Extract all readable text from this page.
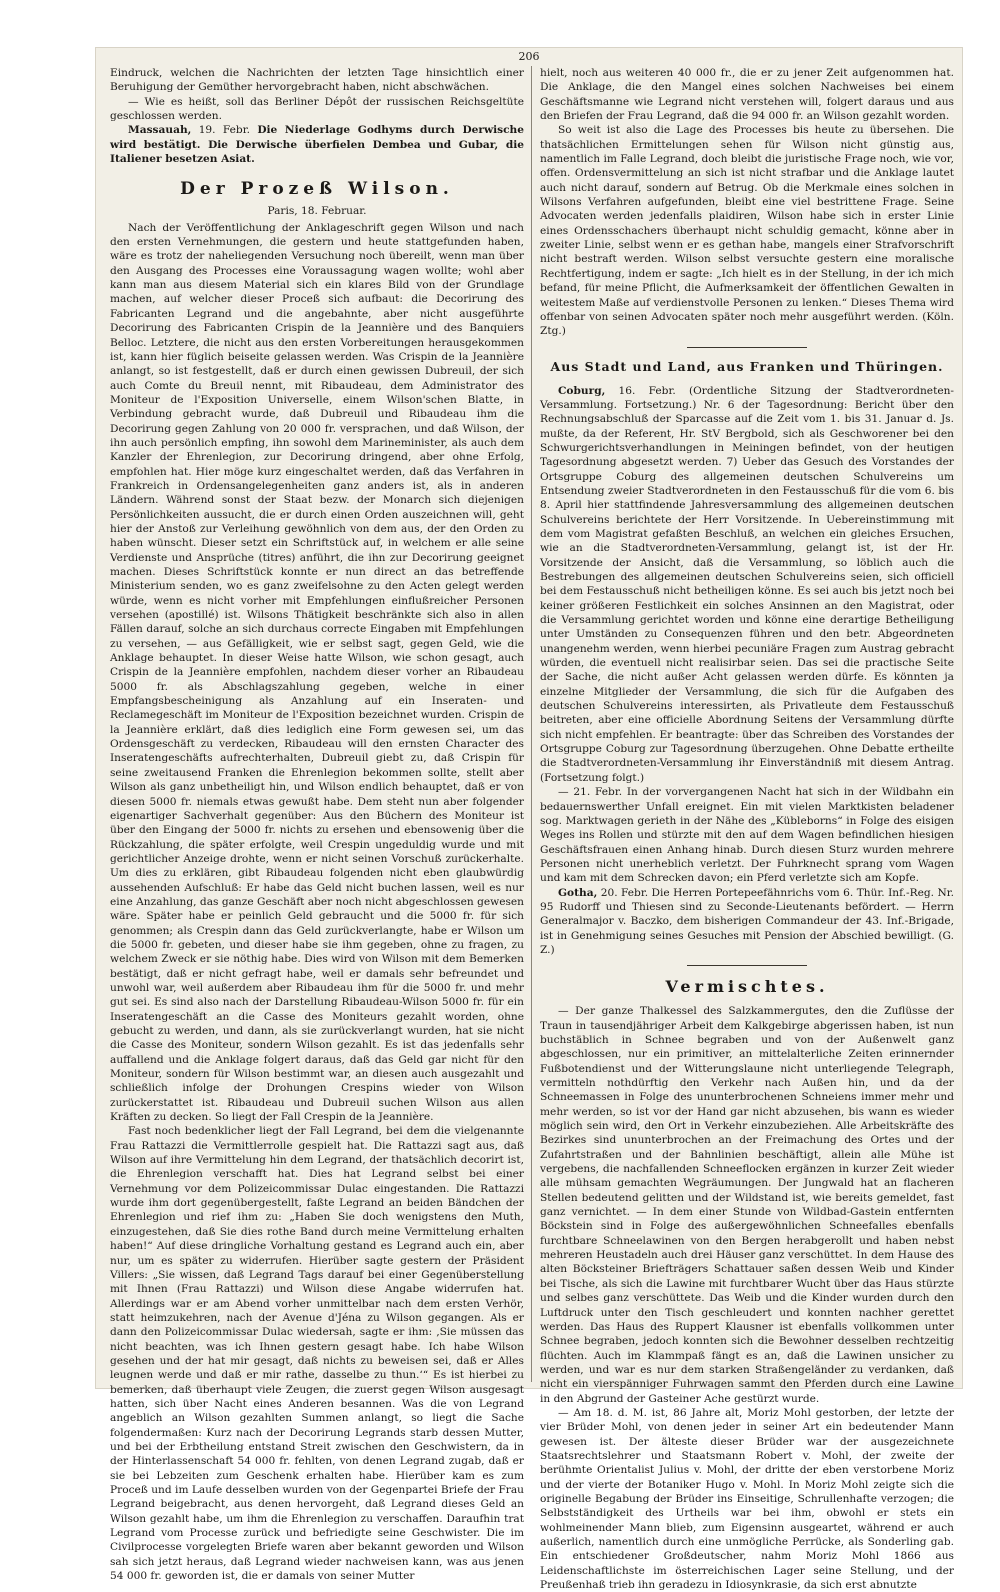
206

Eindruck, welchen die Nachrichten der letzten Tage hinsichtlich einer Beruhigung der Gemüther hervorgebracht haben, nicht abschwächen.

— Wie es heißt, soll das Berliner Dépôt der russischen Reichsgeltüte geschlossen werden.

Massauah, 19. Febr. Die Niederlage Godhyms durch Derwische wird bestätigt. Die Derwische überfielen Dembea und Gubar, die Italiener besetzen Asiat.

Der Prozeß Wilson.
Paris, 18. Februar.

Nach der Veröffentlichung der Anklageschrift gegen Wilson und nach den ersten Vernehmungen, die gestern und heute stattgefunden haben, wäre es trotz der naheliegenden Versuchung noch übereilt, wenn man über den Ausgang des Processes eine Voraussagung wagen wollte; wohl aber kann man aus diesem Material sich ein klares Bild von der Grundlage machen, auf welcher dieser Proceß sich aufbaut: die Decorirung des Fabricanten Legrand und die angebahnte, aber nicht ausgeführte Decorirung des Fabricanten Crispin de la Jeannière und des Banquiers Belloc. Letztere, die nicht aus den ersten Vorbereitungen herausgekommen ist, kann hier füglich beiseite gelassen werden. Was Crispin de la Jeannière anlangt, so ist festgestellt, daß er durch einen gewissen Dubreuil, der sich auch Comte du Breuil nennt, mit Ribaudeau, dem Administrator des Moniteur de l'Exposition Universelle, einem Wilson'schen Blatte, in Verbindung gebracht wurde, daß Dubreuil und Ribaudeau ihm die Decorirung gegen Zahlung von 20 000 fr. versprachen, und daß Wilson, der ihn auch persönlich empfing, ihn sowohl dem Marineminister, als auch dem Kanzler der Ehrenlegion, zur Decorirung dringend, aber ohne Erfolg, empfohlen hat. Hier möge kurz eingeschaltet werden, daß das Verfahren in Frankreich in Ordensangelegenheiten ganz anders ist, als in anderen Ländern. Während sonst der Staat bezw. der Monarch sich diejenigen Persönlichkeiten aussucht, die er durch einen Orden auszeichnen will, geht hier der Anstoß zur Verleihung gewöhnlich von dem aus, der den Orden zu haben wünscht. Dieser setzt ein Schriftstück auf, in welchem er alle seine Verdienste und Ansprüche (titres) anführt, die ihn zur Decorirung geeignet machen. Dieses Schriftstück konnte er nun direct an das betreffende Ministerium senden, wo es ganz zweifelsohne zu den Acten gelegt werden würde, wenn es nicht vorher mit Empfehlungen einflußreicher Personen versehen (apostillé) ist. Wilsons Thätigkeit beschränkte sich also in allen Fällen darauf, solche an sich durchaus correcte Eingaben mit Empfehlungen zu versehen, — aus Gefälligkeit, wie er selbst sagt, gegen Geld, wie die Anklage behauptet. In dieser Weise hatte Wilson, wie schon gesagt, auch Crispin de la Jeannière empfohlen, nachdem dieser vorher an Ribaudeau 5000 fr. als Abschlagszahlung gegeben, welche in einer Empfangsbescheinigung als Anzahlung auf ein Inseraten- und Reclamegeschäft im Moniteur de l'Exposition bezeichnet wurden. Crispin de la Jeannière erklärt, daß dies lediglich eine Form gewesen sei, um das Ordensgeschäft zu verdecken, Ribaudeau will den ernsten Character des Inseratengeschäfts aufrechterhalten, Dubreuil giebt zu, daß Crispin für seine zweitausend Franken die Ehrenlegion bekommen sollte, stellt aber Wilson als ganz unbetheiligt hin, und Wilson endlich behauptet, daß er von diesen 5000 fr. niemals etwas gewußt habe. Dem steht nun aber folgender eigenartiger Sachverhalt gegenüber: Aus den Büchern des Moniteur ist über den Eingang der 5000 fr. nichts zu ersehen und ebensowenig über die Rückzahlung, die später erfolgte, weil Crespin ungeduldig wurde und mit gerichtlicher Anzeige drohte, wenn er nicht seinen Vorschuß zurückerhalte. Um dies zu erklären, gibt Ribaudeau folgenden nicht eben glaubwürdig aussehenden Aufschluß: Er habe das Geld nicht buchen lassen, weil es nur eine Anzahlung, das ganze Geschäft aber noch nicht abgeschlossen gewesen wäre. Später habe er peinlich Geld gebraucht und die 5000 fr. für sich genommen; als Crespin dann das Geld zurückverlangte, habe er Wilson um die 5000 fr. gebeten, und dieser habe sie ihm gegeben, ohne zu fragen, zu welchem Zweck er sie nöthig habe. Dies wird von Wilson mit dem Bemerken bestätigt, daß er nicht gefragt habe, weil er damals sehr befreundet und unwohl war, weil außerdem aber Ribaudeau ihm für die 5000 fr. und mehr gut sei. Es sind also nach der Darstellung Ribaudeau-Wilson 5000 fr. für ein Inseratengeschäft an die Casse des Moniteurs gezahlt worden, ohne gebucht zu werden, und dann, als sie zurückverlangt wurden, hat sie nicht die Casse des Moniteur, sondern Wilson gezahlt. Es ist das jedenfalls sehr auffallend und die Anklage folgert daraus, daß das Geld gar nicht für den Moniteur, sondern für Wilson bestimmt war, an diesen auch ausgezahlt und schließlich infolge der Drohungen Crespins wieder von Wilson zurückerstattet ist. Ribaudeau und Dubreuil suchen Wilson aus allen Kräften zu decken. So liegt der Fall Crespin de la Jeannière.

Fast noch bedenklicher liegt der Fall Legrand, bei dem die vielgenannte Frau Rattazzi die Vermittlerrolle gespielt hat. Die Rattazzi sagt aus, daß Wilson auf ihre Vermittelung hin dem Legrand, der thatsächlich decorirt ist, die Ehrenlegion verschafft hat. Dies hat Legrand selbst bei einer Vernehmung vor dem Polizeicommissar Dulac eingestanden. Die Rattazzi wurde ihm dort gegenübergestellt, faßte Legrand an beiden Bändchen der Ehrenlegion und rief ihm zu: „Haben Sie doch wenigstens den Muth, einzugestehen, daß Sie dies rothe Band durch meine Vermittelung erhalten haben!“ Auf diese dringliche Vorhaltung gestand es Legrand auch ein, aber nur, um es später zu widerrufen. Hierüber sagte gestern der Präsident Villers: „Sie wissen, daß Legrand Tags darauf bei einer Gegenüberstellung mit Ihnen (Frau Rattazzi) und Wilson diese Angabe widerrufen hat. Allerdings war er am Abend vorher unmittelbar nach dem ersten Verhör, statt heimzukehren, nach der Avenue d'Jéna zu Wilson gegangen. Als er dann den Polizeicommissar Dulac wiedersah, sagte er ihm: ‚Sie müssen das nicht beachten, was ich Ihnen gestern gesagt habe. Ich habe Wilson gesehen und der hat mir gesagt, daß nichts zu beweisen sei, daß er Alles leugnen werde und daß er mir rathe, dasselbe zu thun.‘“ Es ist hierbei zu bemerken, daß überhaupt viele Zeugen, die zuerst gegen Wilson ausgesagt hatten, sich über Nacht eines Anderen besannen. Was die von Legrand angeblich an Wilson gezahlten Summen anlangt, so liegt die Sache folgendermaßen: Kurz nach der Decorirung Legrands starb dessen Mutter, und bei der Erbtheilung entstand Streit zwischen den Geschwistern, da in der Hinterlassenschaft 54 000 fr. fehlten, von denen Legrand zugab, daß er sie bei Lebzeiten zum Geschenk erhalten habe. Hierüber kam es zum Proceß und im Laufe desselben wurden von der Gegenpartei Briefe der Frau Legrand beigebracht, aus denen hervorgeht, daß Legrand dieses Geld an Wilson gezahlt habe, um ihm die Ehrenlegion zu verschaffen. Daraufhin trat Legrand vom Processe zurück und befriedigte seine Geschwister. Die im Civilprocesse vorgelegten Briefe waren aber bekannt geworden und Wilson sah sich jetzt heraus, daß Legrand wieder nachweisen kann, was aus jenen 54 000 fr. geworden ist, die er damals von seiner Mutter

hielt, noch aus weiteren 40 000 fr., die er zu jener Zeit aufgenommen hat. Die Anklage, die den Mangel eines solchen Nachweises bei einem Geschäftsmanne wie Legrand nicht verstehen will, folgert daraus und aus den Briefen der Frau Legrand, daß die 94 000 fr. an Wilson gezahlt worden.

So weit ist also die Lage des Processes bis heute zu übersehen. Die thatsächlichen Ermittelungen sehen für Wilson nicht günstig aus, namentlich im Falle Legrand, doch bleibt die juristische Frage noch, wie vor, offen. Ordensvermittelung an sich ist nicht strafbar und die Anklage lautet auch nicht darauf, sondern auf Betrug. Ob die Merkmale eines solchen in Wilsons Verfahren aufgefunden, bleibt eine viel bestrittene Frage. Seine Advocaten werden jedenfalls plaidiren, Wilson habe sich in erster Linie eines Ordensschachers überhaupt nicht schuldig gemacht, könne aber in zweiter Linie, selbst wenn er es gethan habe, mangels einer Strafvorschrift nicht bestraft werden. Wilson selbst versuchte gestern eine moralische Rechtfertigung, indem er sagte: „Ich hielt es in der Stellung, in der ich mich befand, für meine Pflicht, die Aufmerksamkeit der öffentlichen Gewalten in weitestem Maße auf verdienstvolle Personen zu lenken.“ Dieses Thema wird offenbar von seinen Advocaten später noch mehr ausgeführt werden. (Köln. Ztg.)

Aus Stadt und Land, aus Franken und Thüringen.

Coburg, 16. Febr. (Ordentliche Sitzung der Stadtverordneten-Versammlung. Fortsetzung.) Nr. 6 der Tagesordnung: Bericht über den Rechnungsabschluß der Sparcasse auf die Zeit vom 1. bis 31. Januar d. Js. mußte, da der Referent, Hr. StV Bergbold, sich als Geschworener bei den Schwurgerichtsverhandlungen in Meiningen befindet, von der heutigen Tagesordnung abgesetzt werden. 7) Ueber das Gesuch des Vorstandes der Ortsgruppe Coburg des allgemeinen deutschen Schulvereins um Entsendung zweier Stadtverordneten in den Festausschuß für die vom 6. bis 8. April hier stattfindende Jahresversammlung des allgemeinen deutschen Schulvereins berichtete der Herr Vorsitzende. In Uebereinstimmung mit dem vom Magistrat gefaßten Beschluß, an welchen ein gleiches Ersuchen, wie an die Stadtverordneten-Versammlung, gelangt ist, ist der Hr. Vorsitzende der Ansicht, daß die Versammlung, so löblich auch die Bestrebungen des allgemeinen deutschen Schulvereins seien, sich officiell bei dem Festausschuß nicht betheiligen könne. Es sei auch bis jetzt noch bei keiner größeren Festlichkeit ein solches Ansinnen an den Magistrat, oder die Versammlung gerichtet worden und könne eine derartige Betheiligung unter Umständen zu Consequenzen führen und den betr. Abgeordneten unangenehm werden, wenn hierbei pecuniäre Fragen zum Austrag gebracht würden, die eventuell nicht realisirbar seien. Das sei die practische Seite der Sache, die nicht außer Acht gelassen werden dürfe. Es könnten ja einzelne Mitglieder der Versammlung, die sich für die Aufgaben des deutschen Schulvereins interessirten, als Privatleute dem Festausschuß beitreten, aber eine officielle Abordnung Seitens der Versammlung dürfte sich nicht empfehlen. Er beantragte: über das Schreiben des Vorstandes der Ortsgruppe Coburg zur Tagesordnung überzugehen. Ohne Debatte ertheilte die Stadtverordneten-Versammlung ihr Einverständniß mit diesem Antrag. (Fortsetzung folgt.)

— 21. Febr. In der vorvergangenen Nacht hat sich in der Wildbahn ein bedauernswerther Unfall ereignet. Ein mit vielen Marktkisten beladener sog. Marktwagen gerieth in der Nähe des „Kübleborns“ in Folge des eisigen Weges ins Rollen und stürzte mit den auf dem Wagen befindlichen hiesigen Geschäftsfrauen einen Anhang hinab. Durch diesen Sturz wurden mehrere Personen nicht unerheblich verletzt. Der Fuhrknecht sprang vom Wagen und kam mit dem Schrecken davon; ein Pferd verletzte sich am Kopfe.

Gotha, 20. Febr. Die Herren Portepeefähnrichs vom 6. Thür. Inf.-Reg. Nr. 95 Rudorff und Thiesen sind zu Seconde-Lieutenants befördert. — Herrn Generalmajor v. Baczko, dem bisherigen Commandeur der 43. Inf.-Brigade, ist in Genehmigung seines Gesuches mit Pension der Abschied bewilligt. (G. Z.)

Vermischtes.

— Der ganze Thalkessel des Salzkammergutes, den die Zuflüsse der Traun in tausendjähriger Arbeit dem Kalkgebirge abgerissen haben, ist nun buchstäblich in Schnee begraben und von der Außenwelt ganz abgeschlossen, nur ein primitiver, an mittelalterliche Zeiten erinnernder Fußbotendienst und der Witterungslaune nicht unterliegende Telegraph, vermitteln nothdürftig den Verkehr nach Außen hin, und da der Schneemassen in Folge des ununterbrochenen Schneiens immer mehr und mehr werden, so ist vor der Hand gar nicht abzusehen, bis wann es wieder möglich sein wird, den Ort in Verkehr einzubeziehen. Alle Arbeitskräfte des Bezirkes sind ununterbrochen an der Freimachung des Ortes und der Zufahrtstraßen und der Bahnlinien beschäftigt, allein alle Mühe ist vergebens, die nachfallenden Schneeflocken ergänzen in kurzer Zeit wieder alle mühsam gemachten Wegräumungen. Der Jungwald hat an flacheren Stellen bedeutend gelitten und der Wildstand ist, wie bereits gemeldet, fast ganz vernichtet. — In dem einer Stunde von Wildbad-Gastein entfernten Böckstein sind in Folge des außergewöhnlichen Schneefalles ebenfalls furchtbare Schneelawinen von den Bergen herabgerollt und haben nebst mehreren Heustadeln auch drei Häuser ganz verschüttet. In dem Hause des alten Böcksteiner Briefträgers Schattauer saßen dessen Weib und Kinder bei Tische, als sich die Lawine mit furchtbarer Wucht über das Haus stürzte und selbes ganz verschüttete. Das Weib und die Kinder wurden durch den Luftdruck unter den Tisch geschleudert und konnten nachher gerettet werden. Das Haus des Ruppert Klausner ist ebenfalls vollkommen unter Schnee begraben, jedoch konnten sich die Bewohner desselben rechtzeitig flüchten. Auch im Klammpaß fängt es an, daß die Lawinen unsicher zu werden, und war es nur dem starken Straßengeländer zu verdanken, daß nicht ein vierspänniger Fuhrwagen sammt den Pferden durch eine Lawine in den Abgrund der Gasteiner Ache gestürzt wurde.

— Am 18. d. M. ist, 86 Jahre alt, Moriz Mohl gestorben, der letzte der vier Brüder Mohl, von denen jeder in seiner Art ein bedeutender Mann gewesen ist. Der älteste dieser Brüder war der ausgezeichnete Staatsrechtslehrer und Staatsmann Robert v. Mohl, der zweite der berühmte Orientalist Julius v. Mohl, der dritte der eben verstorbene Moriz und der vierte der Botaniker Hugo v. Mohl. In Moriz Mohl zeigte sich die originelle Begabung der Brüder ins Einseitige, Schrullenhafte verzogen; die Selbstständigkeit des Urtheils war bei ihm, obwohl er stets ein wohlmeinender Mann blieb, zum Eigensinn ausgeartet, während er auch außerlich, namentlich durch eine unmögliche Perrücke, als Sonderling gab. Ein entschiedener Großdeutscher, nahm Moriz Mohl 1866 aus Leidenschaftlichste im österreichischen Lager seine Stellung, und der Preußenhaß trieb ihn geradezu in Idiosynkrasie, da sich erst abnutzte
